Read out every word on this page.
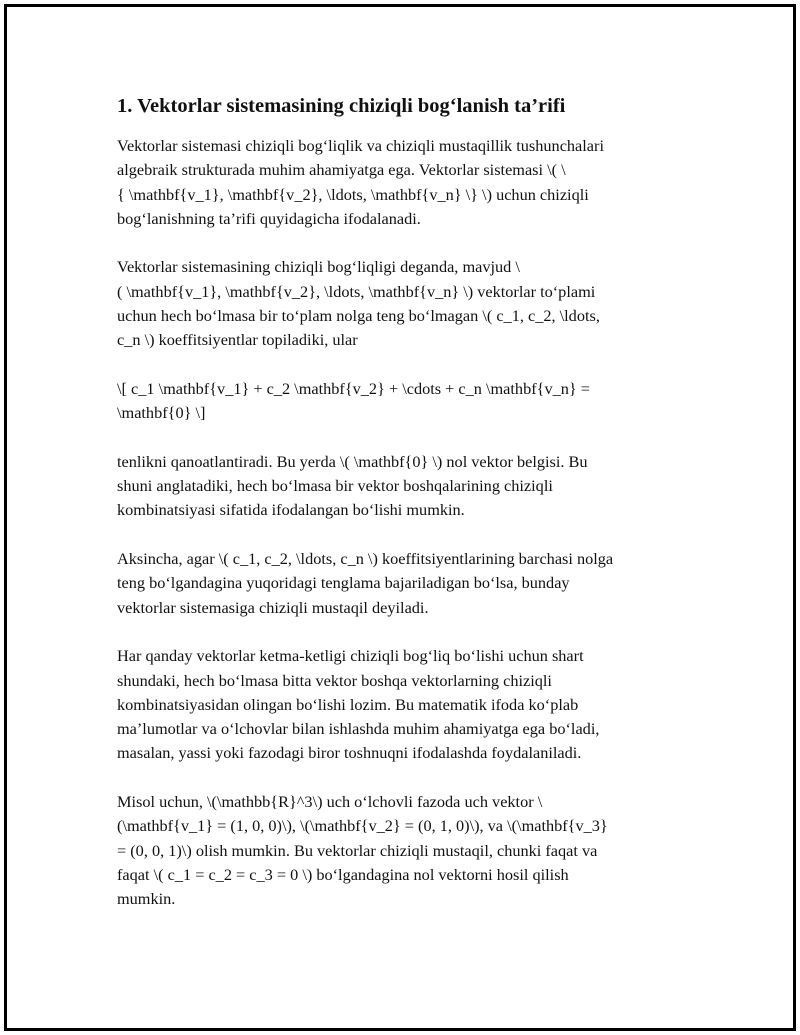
1. Vektorlar sistemasining chiziqli bog‘lanish ta’rifi

Vektorlar sistemasi chiziqli bog‘liqlik va chiziqli mustaqillik tushunchalari
algebraik strukturada muhim ahamiyatga ega. Vektorlar sistemasi \( \
{ \mathbf{v_1}, \mathbf{v_2}, \ldots, \mathbf{v_n} \} \) uchun chiziqli
bog‘lanishning ta’rifi quyidagicha ifodalanadi.

Vektorlar sistemasining chiziqli bog‘liqligi deganda, mavjud \
( \mathbf{v_1}, \mathbf{v_2}, \ldots, \mathbf{v_n} \) vektorlar to‘plami
uchun hech bo‘lmasa bir to‘plam nolga teng bo‘lmagan \( c_1, c_2, \ldots,
c_n \) koeffitsiyentlar topiladiki, ular

\[ c_1 \mathbf{v_1} + c_2 \mathbf{v_2} + \cdots + c_n \mathbf{v_n} =
\mathbf{0} \]

tenlikni qanoatlantiradi. Bu yerda \( \mathbf{0} \) nol vektor belgisi. Bu
shuni anglatadiki, hech bo‘lmasa bir vektor boshqalarining chiziqli
kombinatsiyasi sifatida ifodalangan bo‘lishi mumkin.

Aksincha, agar \( c_1, c_2, \ldots, c_n \) koeffitsiyentlarining barchasi nolga
teng bo‘lgandagina yuqoridagi tenglama bajariladigan bo‘lsa, bunday
vektorlar sistemasiga chiziqli mustaqil deyiladi.

Har qanday vektorlar ketma-ketligi chiziqli bog‘liq bo‘lishi uchun shart
shundaki, hech bo‘lmasa bitta vektor boshqa vektorlarning chiziqli
kombinatsiyasidan olingan bo‘lishi lozim. Bu matematik ifoda ko‘plab
ma’lumotlar va o‘lchovlar bilan ishlashda muhim ahamiyatga ega bo‘ladi,
masalan, yassi yoki fazodagi biror toshnuqni ifodalashda foydalaniladi.

Misol uchun, \(\mathbb{R}^3\) uch o‘lchovli fazoda uch vektor \
(\mathbf{v_1} = (1, 0, 0)\), \(\mathbf{v_2} = (0, 1, 0)\), va \(\mathbf{v_3}
= (0, 0, 1)\) olish mumkin. Bu vektorlar chiziqli mustaqil, chunki faqat va
faqat \( c_1 = c_2 = c_3 = 0 \) bo‘lgandagina nol vektorni hosil qilish
mumkin.
